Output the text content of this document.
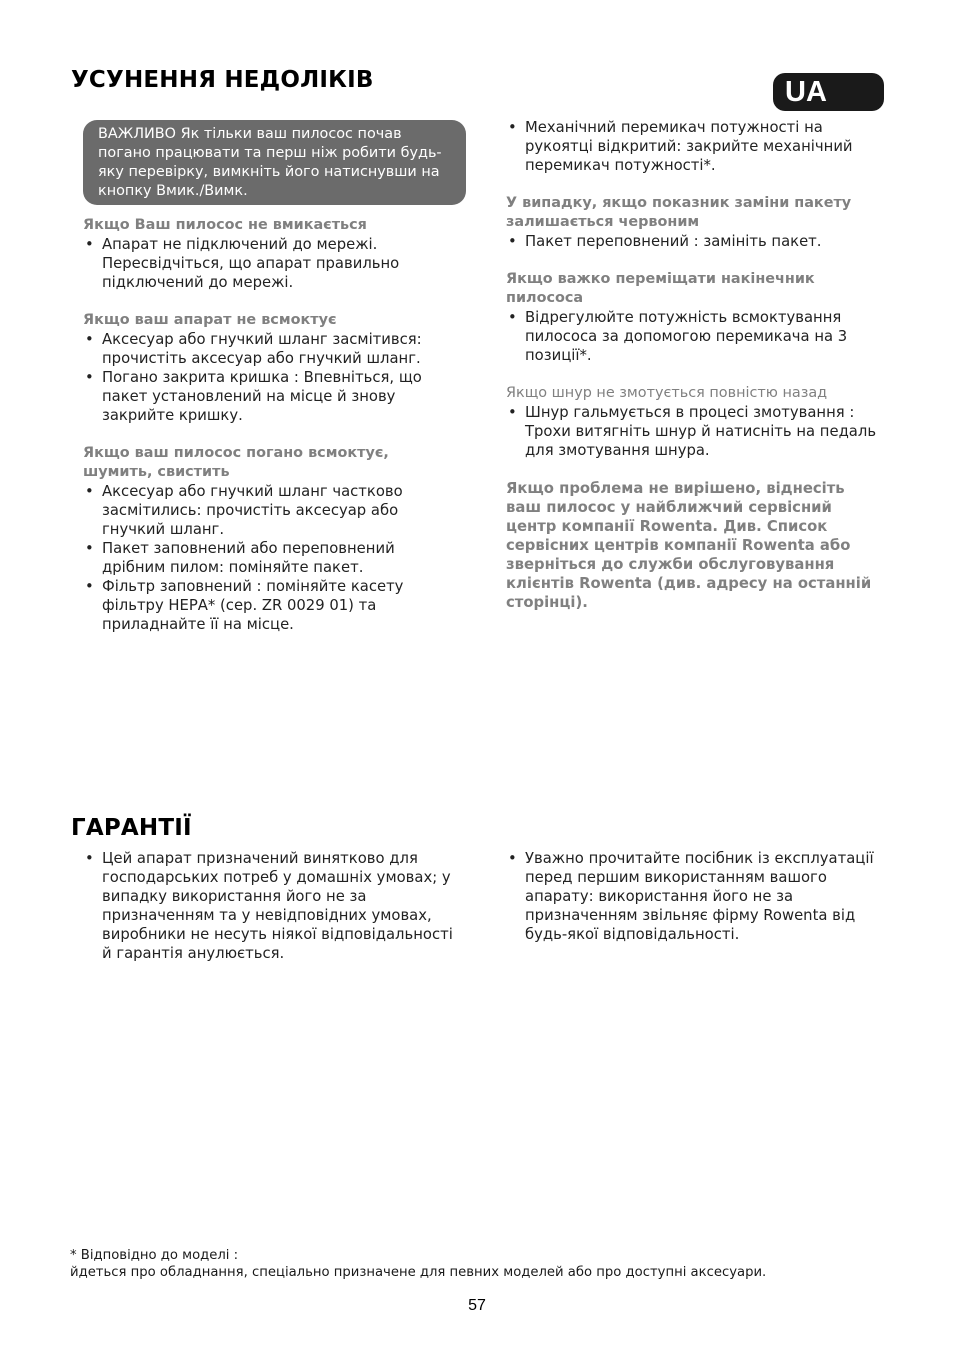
УСУНЕННЯ НЕДОЛІКІВ	UA
ВАЖЛИВО Як тільки ваш пилосос почав погано працювати та перш ніж робити будь-яку перевірку, вимкніть його натиснувши на кнопку Вмик./Вимк.
Якщо Ваш пилосос не вмикається
• Апарат не підключений до мережі. Пересвідчіться, що апарат правильно підключений до мережі.
Якщо ваш апарат не всмоктує
• Аксесуар або гнучкий шланг засмітився: прочистіть аксесуар або гнучкий шланг.
• Погано закрита кришка : Впевніться, що пакет установлений на місце й знову закрийте кришку.
Якщо ваш пилосос погано всмоктує, шумить, свистить
• Аксесуар або гнучкий шланг частково засмітились: прочистіть аксесуар або гнучкий шланг.
• Пакет заповнений або переповнений дрібним пилом: поміняйте пакет.
• Фільтр заповнений : поміняйте касету фільтру НЕРА* (сер. ZR 0029 01) та приладнайте її на місце.
• Механічний перемикач потужності на рукоятці відкритий: закрийте механічний перемикач потужності*.
У випадку, якщо показник заміни пакету залишається червоним
• Пакет переповнений : замініть пакет.
Якщо важко переміщати накінечник пилососа
• Відрегулюйте потужність всмоктування пилососа за допомогою перемикача на 3 позиції*.
Якщо шнур не змотується повністю назад
• Шнур гальмується в процесі змотування : Трохи витягніть шнур й натисніть на педаль для змотування шнура.
Якщо проблема не вирішено, віднесіть ваш пилосос у найближчий сервісний центр компанії Rowenta. Див. Список сервісних центрів компанії Rowenta або зверніться до служби обслуговування клієнтів Rowenta (див. адресу на останній сторінці).
ГАРАНТІЇ
• Цей апарат призначений винятково для господарських потреб у домашніх умовах; у випадку використання його не за призначенням та у невідповідних умовах, виробники не несуть ніякої відповідальності й гарантія анулюється.
• Уважно прочитайте посібник із експлуатації перед першим використанням вашого апарату: використання його не за призначенням звільняє фірму Rowenta від будь-якої відповідальності.
* Відповідно до моделі :
йдеться про обладнання, спеціально призначене для певних моделей або про доступні аксесуари.
57
